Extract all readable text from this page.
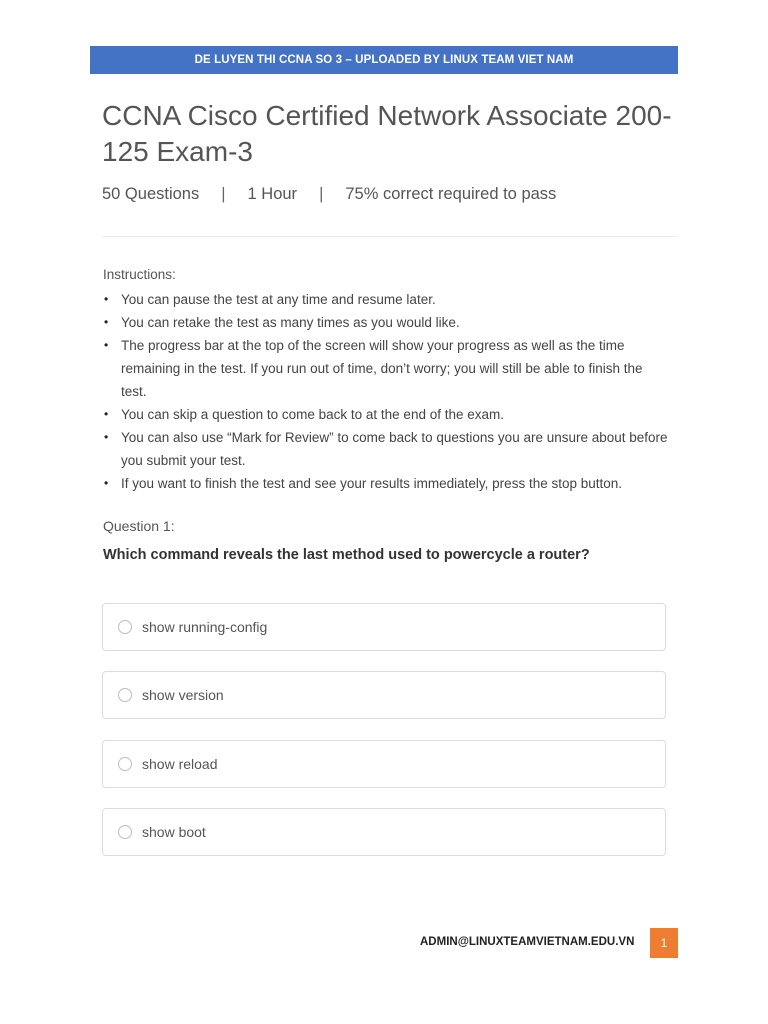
DE LUYEN THI CCNA SO 3 – UPLOADED BY LINUX TEAM VIET NAM
CCNA Cisco Certified Network Associate 200-125 Exam-3
50 Questions | 1 Hour | 75% correct required to pass
Instructions:
• You can pause the test at any time and resume later.
• You can retake the test as many times as you would like.
• The progress bar at the top of the screen will show your progress as well as the time remaining in the test. If you run out of time, don’t worry; you will still be able to finish the test.
• You can skip a question to come back to at the end of the exam.
• You can also use “Mark for Review” to come back to questions you are unsure about before you submit your test.
• If you want to finish the test and see your results immediately, press the stop button.
Question 1:
Which command reveals the last method used to powercycle a router?
show running-config
show version
show reload
show boot
ADMIN@LINUXTEAMVIETNAM.EDU.VN 1
